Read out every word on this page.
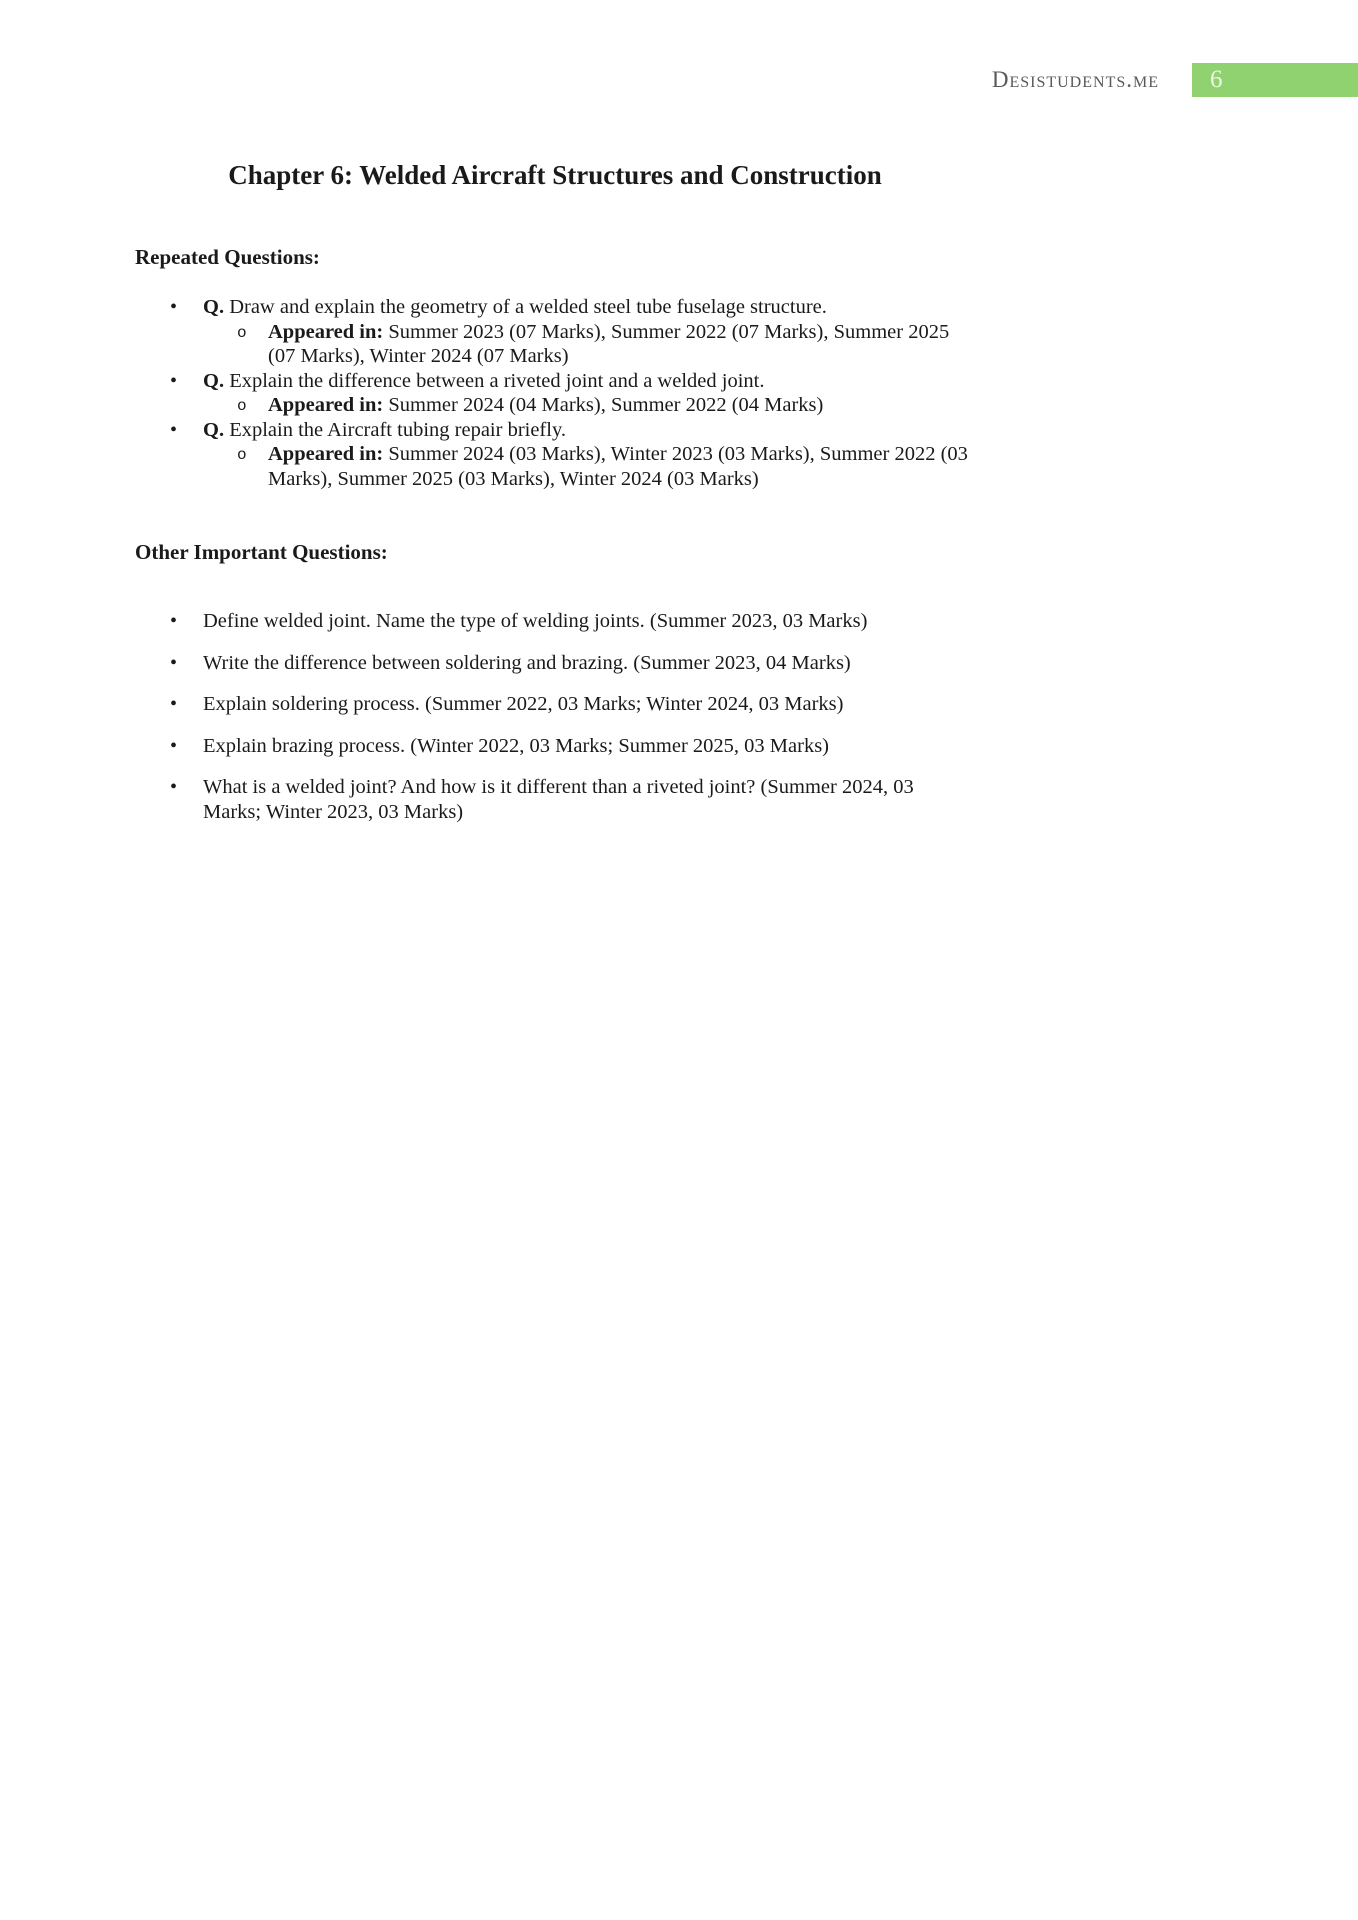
Desistudents.me 6
Chapter 6: Welded Aircraft Structures and Construction
Repeated Questions:
• Q. Draw and explain the geometry of a welded steel tube fuselage structure.
o Appeared in: Summer 2023 (07 Marks), Summer 2022 (07 Marks), Summer 2025
(07 Marks), Winter 2024 (07 Marks)
• Q. Explain the difference between a riveted joint and a welded joint.
o Appeared in: Summer 2024 (04 Marks), Summer 2022 (04 Marks)
• Q. Explain the Aircraft tubing repair briefly.
o Appeared in: Summer 2024 (03 Marks), Winter 2023 (03 Marks), Summer 2022 (03
Marks), Summer 2025 (03 Marks), Winter 2024 (03 Marks)
Other Important Questions:
• Define welded joint. Name the type of welding joints. (Summer 2023, 03 Marks)
• Write the difference between soldering and brazing. (Summer 2023, 04 Marks)
• Explain soldering process. (Summer 2022, 03 Marks; Winter 2024, 03 Marks)
• Explain brazing process. (Winter 2022, 03 Marks; Summer 2025, 03 Marks)
• What is a welded joint? And how is it different than a riveted joint? (Summer 2024, 03
Marks; Winter 2023, 03 Marks)
